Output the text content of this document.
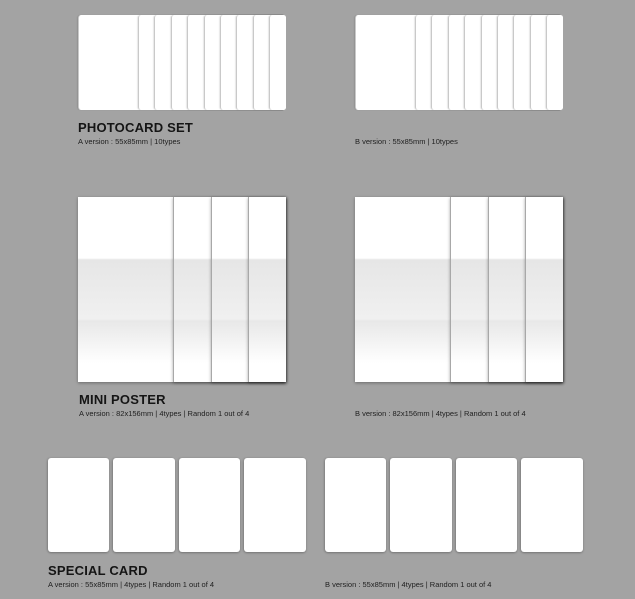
PHOTOCARD SET
A version : 55x85mm | 10types	B version : 55x85mm | 10types
MINI POSTER
A version : 82x156mm | 4types | Random 1 out of 4	B version : 82x156mm | 4types | Random 1 out of 4
SPECIAL CARD
A version : 55x85mm | 4types | Random 1 out of 4	B version : 55x85mm | 4types | Random 1 out of 4
